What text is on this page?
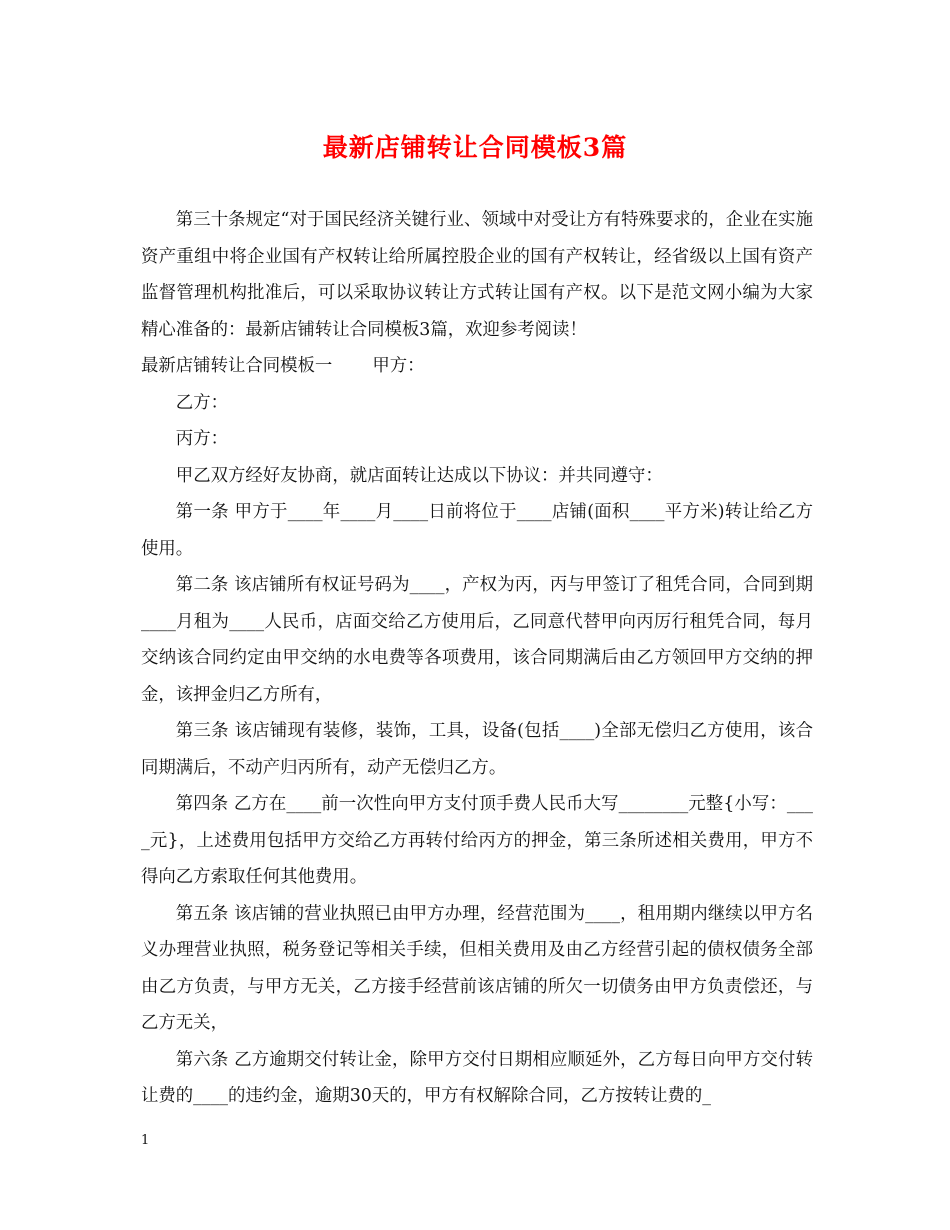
最新店铺转让合同模板3篇

第三十条规定“对于国民经济关键行业、领域中对受让方有特殊要求的，企业在实施资产重组中将企业国有产权转让给所属控股企业的国有产权转让，经省级以上国有资产监督管理机构批准后，可以采取协议转让方式转让国有产权。以下是范文网小编为大家精心准备的：最新店铺转让合同模板3篇，欢迎参考阅读！

最新店铺转让合同模板一 甲方：

乙方：

丙方：

甲乙双方经好友协商，就店面转让达成以下协议：并共同遵守：

第一条 甲方于____年____月____日前将位于____店铺(面积____平方米)转让给乙方使用。

第二条 该店铺所有权证号码为____，产权为丙，丙与甲签订了租凭合同，合同到期____月租为____人民币，店面交给乙方使用后，乙同意代替甲向丙厉行租凭合同，每月交纳该合同约定由甲交纳的水电费等各项费用，该合同期满后由乙方领回甲方交纳的押金，该押金归乙方所有，

第三条 该店铺现有装修，装饰，工具，设备(包括____)全部无偿归乙方使用，该合同期满后，不动产归丙所有，动产无偿归乙方。

第四条 乙方在____前一次性向甲方支付顶手费人民币大写________元整{小写：____元}，上述费用包括甲方交给乙方再转付给丙方的押金，第三条所述相关费用，甲方不得向乙方索取任何其他费用。

第五条 该店铺的营业执照已由甲方办理，经营范围为____，租用期内继续以甲方名义办理营业执照，税务登记等相关手续，但相关费用及由乙方经营引起的债权债务全部由乙方负责，与甲方无关，乙方接手经营前该店铺的所欠一切债务由甲方负责偿还，与乙方无关，

第六条 乙方逾期交付转让金，除甲方交付日期相应顺延外，乙方每日向甲方交付转让费的____的违约金，逾期30天的，甲方有权解除合同，乙方按转让费的_

1
